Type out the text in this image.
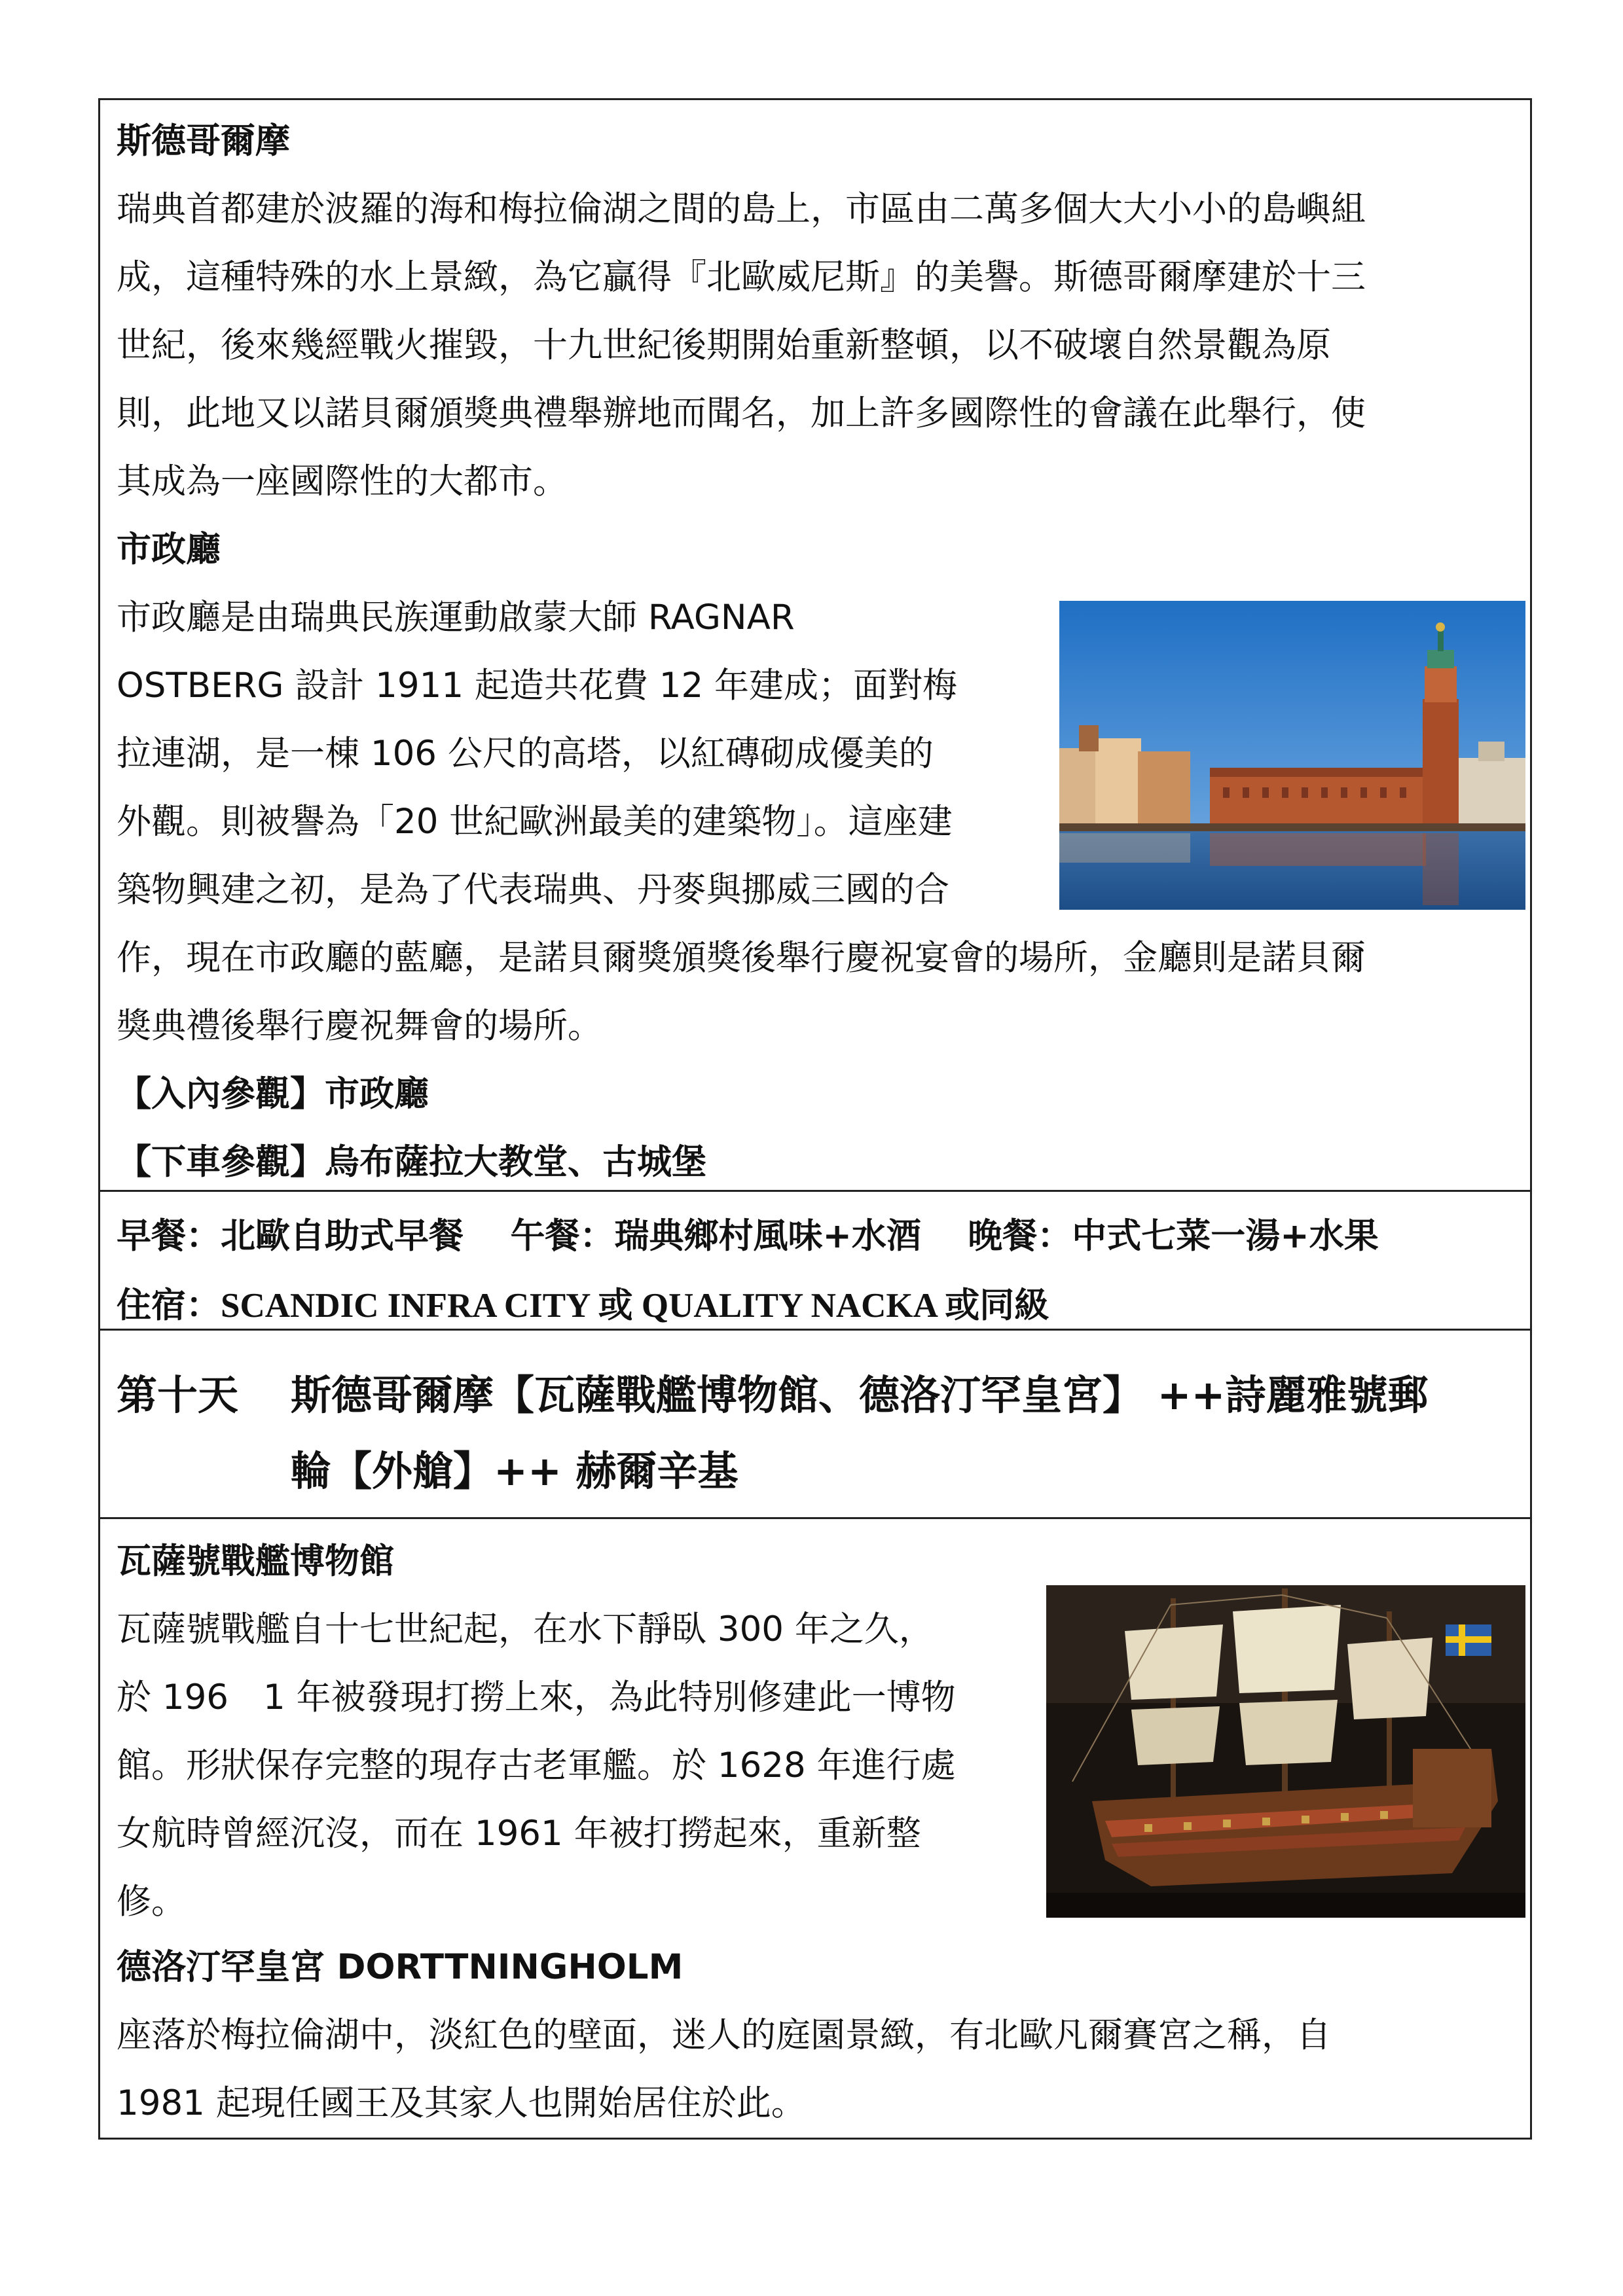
斯德哥爾摩
瑞典首都建於波羅的海和梅拉倫湖之間的島上，市區由二萬多個大大小小的島嶼組
成，這種特殊的水上景緻，為它贏得『北歐威尼斯』的美譽。斯德哥爾摩建於十三
世紀，後來幾經戰火摧毀，十九世紀後期開始重新整頓，以不破壞自然景觀為原
則，此地又以諾貝爾頒獎典禮舉辦地而聞名，加上許多國際性的會議在此舉行，使
其成為一座國際性的大都市。
市政廳
市政廳是由瑞典民族運動啟蒙大師 RAGNAR
OSTBERG 設計 1911 起造共花費 12 年建成；面對梅
拉連湖，是一棟 106 公尺的高塔，以紅磚砌成優美的
外觀。則被譽為「20 世紀歐洲最美的建築物」。這座建
築物興建之初，是為了代表瑞典、丹麥與挪威三國的合
作，現在市政廳的藍廳，是諾貝爾獎頒獎後舉行慶祝宴會的場所，金廳則是諾貝爾
獎典禮後舉行慶祝舞會的場所。
【入內參觀】市政廳
【下車參觀】烏布薩拉大教堂、古城堡
早餐：北歐自助式早餐　 午餐：瑞典鄉村風味+水酒　 晚餐：中式七菜一湯+水果
住宿：SCANDIC INFRA CITY 或 QUALITY NACKA 或同級
第十天 斯德哥爾摩【瓦薩戰艦博物館、德洛汀罕皇宮】 ++詩麗雅號郵
輪【外艙】++ 赫爾辛基
瓦薩號戰艦博物館
瓦薩號戰艦自十七世紀起，在水下靜臥 300 年之久，
於 196　1 年被發現打撈上來，為此特別修建此一博物
館。形狀保存完整的現存古老軍艦。於 1628 年進行處
女航時曾經沉沒，而在 1961 年被打撈起來，重新整
修。
德洛汀罕皇宮 DORTTNINGHOLM
座落於梅拉倫湖中，淡紅色的壁面，迷人的庭園景緻，有北歐凡爾賽宮之稱，自
1981 起現任國王及其家人也開始居住於此。
